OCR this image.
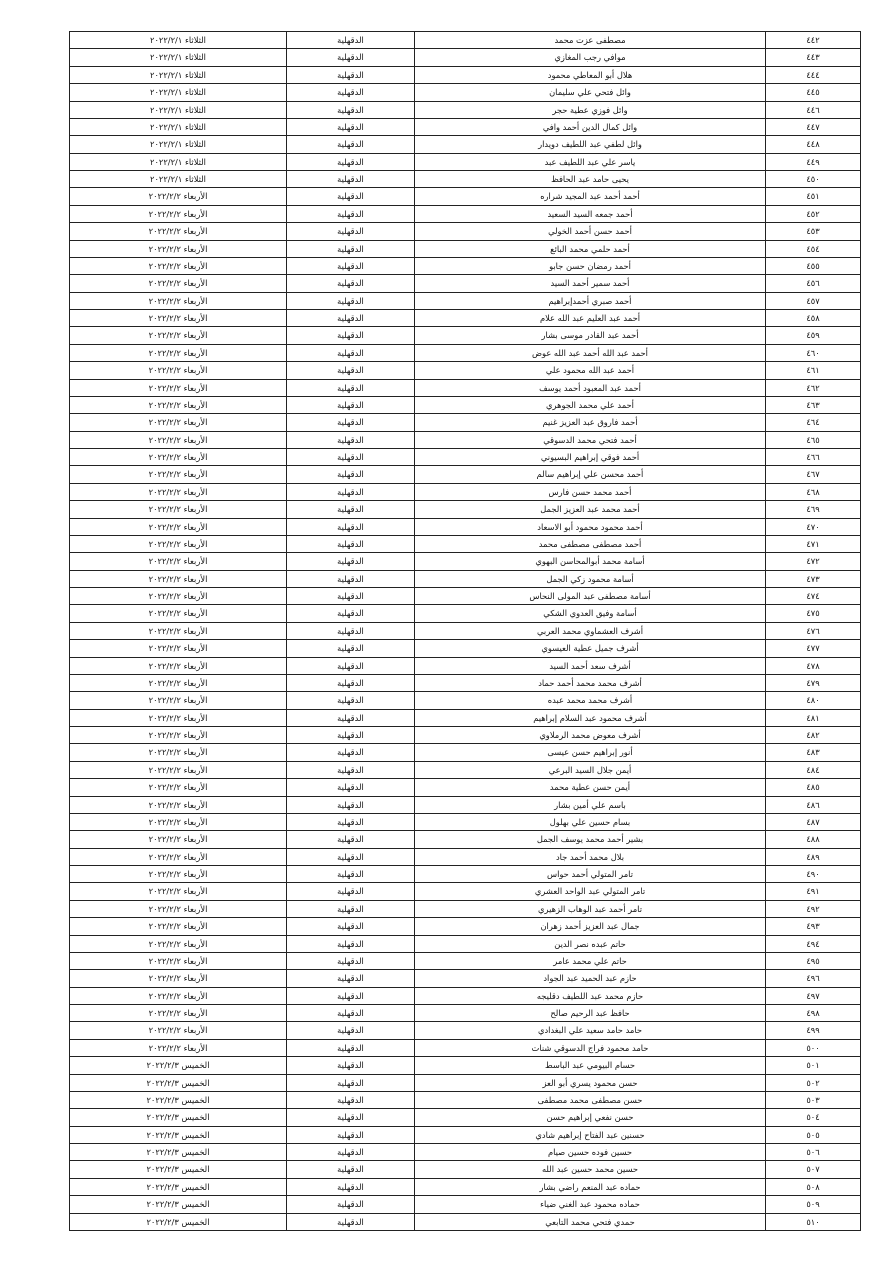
٤٤٢	مصطفى عزت محمد	الدقهلية	الثلاثاء ٢٠٢٢/٢/١
٤٤٣	موافي رجب المغازي	الدقهلية	الثلاثاء ٢٠٢٢/٢/١
٤٤٤	هلال أبو المعاطي محمود	الدقهلية	الثلاثاء ٢٠٢٢/٢/١
٤٤٥	وائل فتحي علي سليمان	الدقهلية	الثلاثاء ٢٠٢٢/٢/١
٤٤٦	وائل فوزي عطية حجر	الدقهلية	الثلاثاء ٢٠٢٢/٢/١
٤٤٧	وائل كمال الدين أحمد وافي	الدقهلية	الثلاثاء ٢٠٢٢/٢/١
٤٤٨	وائل لطفي عبد اللطيف دويدار	الدقهلية	الثلاثاء ٢٠٢٢/٢/١
٤٤٩	ياسر علي عبد اللطيف عبد	الدقهلية	الثلاثاء ٢٠٢٢/٢/١
٤٥٠	يحيى حامد عبد الحافظ	الدقهلية	الثلاثاء ٢٠٢٢/٢/١
٤٥١	أحمد أحمد عبد المجيد شراره	الدقهلية	الأربعاء ٢٠٢٢/٢/٢
٤٥٢	أحمد جمعه السيد السعيد	الدقهلية	الأربعاء ٢٠٢٢/٢/٢
٤٥٣	أحمد حسن أحمد الخولي	الدقهلية	الأربعاء ٢٠٢٢/٢/٢
٤٥٤	أحمد حلمي محمد البائع	الدقهلية	الأربعاء ٢٠٢٢/٢/٢
٤٥٥	أحمد رمضان حسن جابو	الدقهلية	الأربعاء ٢٠٢٢/٢/٢
٤٥٦	أحمد سمير أحمد السيد	الدقهلية	الأربعاء ٢٠٢٢/٢/٢
٤٥٧	أحمد صبري أحمدإبراهيم	الدقهلية	الأربعاء ٢٠٢٢/٢/٢
٤٥٨	أحمد عبد العليم عبد الله علام	الدقهلية	الأربعاء ٢٠٢٢/٢/٢
٤٥٩	أحمد عبد القادر موسى بشار	الدقهلية	الأربعاء ٢٠٢٢/٢/٢
٤٦٠	أحمد عبد الله أحمد عبد الله عوض	الدقهلية	الأربعاء ٢٠٢٢/٢/٢
٤٦١	أحمد عبد الله محمود علي	الدقهلية	الأربعاء ٢٠٢٢/٢/٢
٤٦٢	أحمد عبد المعبود أحمد يوسف	الدقهلية	الأربعاء ٢٠٢٢/٢/٢
٤٦٣	أحمد علي محمد الجوهري	الدقهلية	الأربعاء ٢٠٢٢/٢/٢
٤٦٤	أحمد فاروق عبد العزيز غنيم	الدقهلية	الأربعاء ٢٠٢٢/٢/٢
٤٦٥	أحمد فتحي محمد الدسوقي	الدقهلية	الأربعاء ٢٠٢٢/٢/٢
٤٦٦	أحمد فوقي إبراهيم البسيوني	الدقهلية	الأربعاء ٢٠٢٢/٢/٢
٤٦٧	أحمد محسن علي إبراهيم سالم	الدقهلية	الأربعاء ٢٠٢٢/٢/٢
٤٦٨	أحمد محمد حسن فارس	الدقهلية	الأربعاء ٢٠٢٢/٢/٢
٤٦٩	أحمد محمد عبد العزيز الجمل	الدقهلية	الأربعاء ٢٠٢٢/٢/٢
٤٧٠	أحمد محمود محمود أبو الاسعاد	الدقهلية	الأربعاء ٢٠٢٢/٢/٢
٤٧١	أحمد مصطفى مصطفى محمد	الدقهلية	الأربعاء ٢٠٢٢/٢/٢
٤٧٢	أسامة محمد أبوالمحاسن البهوي	الدقهلية	الأربعاء ٢٠٢٢/٢/٢
٤٧٣	أسامة محمود زكي الجمل	الدقهلية	الأربعاء ٢٠٢٢/٢/٢
٤٧٤	أسامة مصطفى عبد المولى النحاس	الدقهلية	الأربعاء ٢٠٢٢/٢/٢
٤٧٥	أسامة وفيق العدوي الشكي	الدقهلية	الأربعاء ٢٠٢٢/٢/٢
٤٧٦	أشرف العشماوي محمد العربي	الدقهلية	الأربعاء ٢٠٢٢/٢/٢
٤٧٧	أشرف جميل عطية العيسوي	الدقهلية	الأربعاء ٢٠٢٢/٢/٢
٤٧٨	أشرف سعد أحمد السيد	الدقهلية	الأربعاء ٢٠٢٢/٢/٢
٤٧٩	أشرف محمد محمد أحمد حماد	الدقهلية	الأربعاء ٢٠٢٢/٢/٢
٤٨٠	أشرف محمد محمد عبده	الدقهلية	الأربعاء ٢٠٢٢/٢/٢
٤٨١	أشرف محمود عبد السلام إبراهيم	الدقهلية	الأربعاء ٢٠٢٢/٢/٢
٤٨٢	أشرف معوض محمد الرملاوي	الدقهلية	الأربعاء ٢٠٢٢/٢/٢
٤٨٣	أنور إبراهيم حسن عيسى	الدقهلية	الأربعاء ٢٠٢٢/٢/٢
٤٨٤	أيمن جلال السيد البرعي	الدقهلية	الأربعاء ٢٠٢٢/٢/٢
٤٨٥	أيمن حسن عطية محمد	الدقهلية	الأربعاء ٢٠٢٢/٢/٢
٤٨٦	باسم علي أمين بشار	الدقهلية	الأربعاء ٢٠٢٢/٢/٢
٤٨٧	بسام حسين علي بهلول	الدقهلية	الأربعاء ٢٠٢٢/٢/٢
٤٨٨	بشير أحمد محمد يوسف الجمل	الدقهلية	الأربعاء ٢٠٢٢/٢/٢
٤٨٩	بلال محمد أحمد جاد	الدقهلية	الأربعاء ٢٠٢٢/٢/٢
٤٩٠	تامر المتولي أحمد حواس	الدقهلية	الأربعاء ٢٠٢٢/٢/٢
٤٩١	تامر المتولي عبد الواحد العشري	الدقهلية	الأربعاء ٢٠٢٢/٢/٢
٤٩٢	تامر أحمد عبد الوهاب الزهيري	الدقهلية	الأربعاء ٢٠٢٢/٢/٢
٤٩٣	جمال عبد العزيز أحمد زهران	الدقهلية	الأربعاء ٢٠٢٢/٢/٢
٤٩٤	حاتم عبده نصر الدين	الدقهلية	الأربعاء ٢٠٢٢/٢/٢
٤٩٥	حاتم علي محمد عامر	الدقهلية	الأربعاء ٢٠٢٢/٢/٢
٤٩٦	حازم عبد الحميد عبد الجواد	الدقهلية	الأربعاء ٢٠٢٢/٢/٢
٤٩٧	حازم محمد عبد اللطيف دقليجه	الدقهلية	الأربعاء ٢٠٢٢/٢/٢
٤٩٨	حافظ عبد الرحيم صالح	الدقهلية	الأربعاء ٢٠٢٢/٢/٢
٤٩٩	حامد حامد سعيد علي البغدادي	الدقهلية	الأربعاء ٢٠٢٢/٢/٢
٥٠٠	حامد محمود فراج الدسوقي شنات	الدقهلية	الأربعاء ٢٠٢٢/٢/٢
٥٠١	حسام البيومي عبد الباسط	الدقهلية	الخميس ٢٠٢٢/٢/٣
٥٠٢	حسن محمود يسري أبو العز	الدقهلية	الخميس ٢٠٢٢/٢/٣
٥٠٣	حسن مصطفى محمد مصطفى	الدقهلية	الخميس ٢٠٢٢/٢/٣
٥٠٤	حسن نفعي إبراهيم حسن	الدقهلية	الخميس ٢٠٢٢/٢/٣
٥٠٥	حسنين عبد الفتاح إبراهيم شادي	الدقهلية	الخميس ٢٠٢٢/٢/٣
٥٠٦	حسين فوده حسين صيام	الدقهلية	الخميس ٢٠٢٢/٢/٣
٥٠٧	حسين محمد حسين عبد الله	الدقهلية	الخميس ٢٠٢٢/٢/٣
٥٠٨	حماده عبد المنعم راضي بشار	الدقهلية	الخميس ٢٠٢٢/٢/٣
٥٠٩	حماده محمود عبد الغني ضياء	الدقهلية	الخميس ٢٠٢٢/٢/٣
٥١٠	حمدي فتحي محمد التابعي	الدقهلية	الخميس ٢٠٢٢/٢/٣
